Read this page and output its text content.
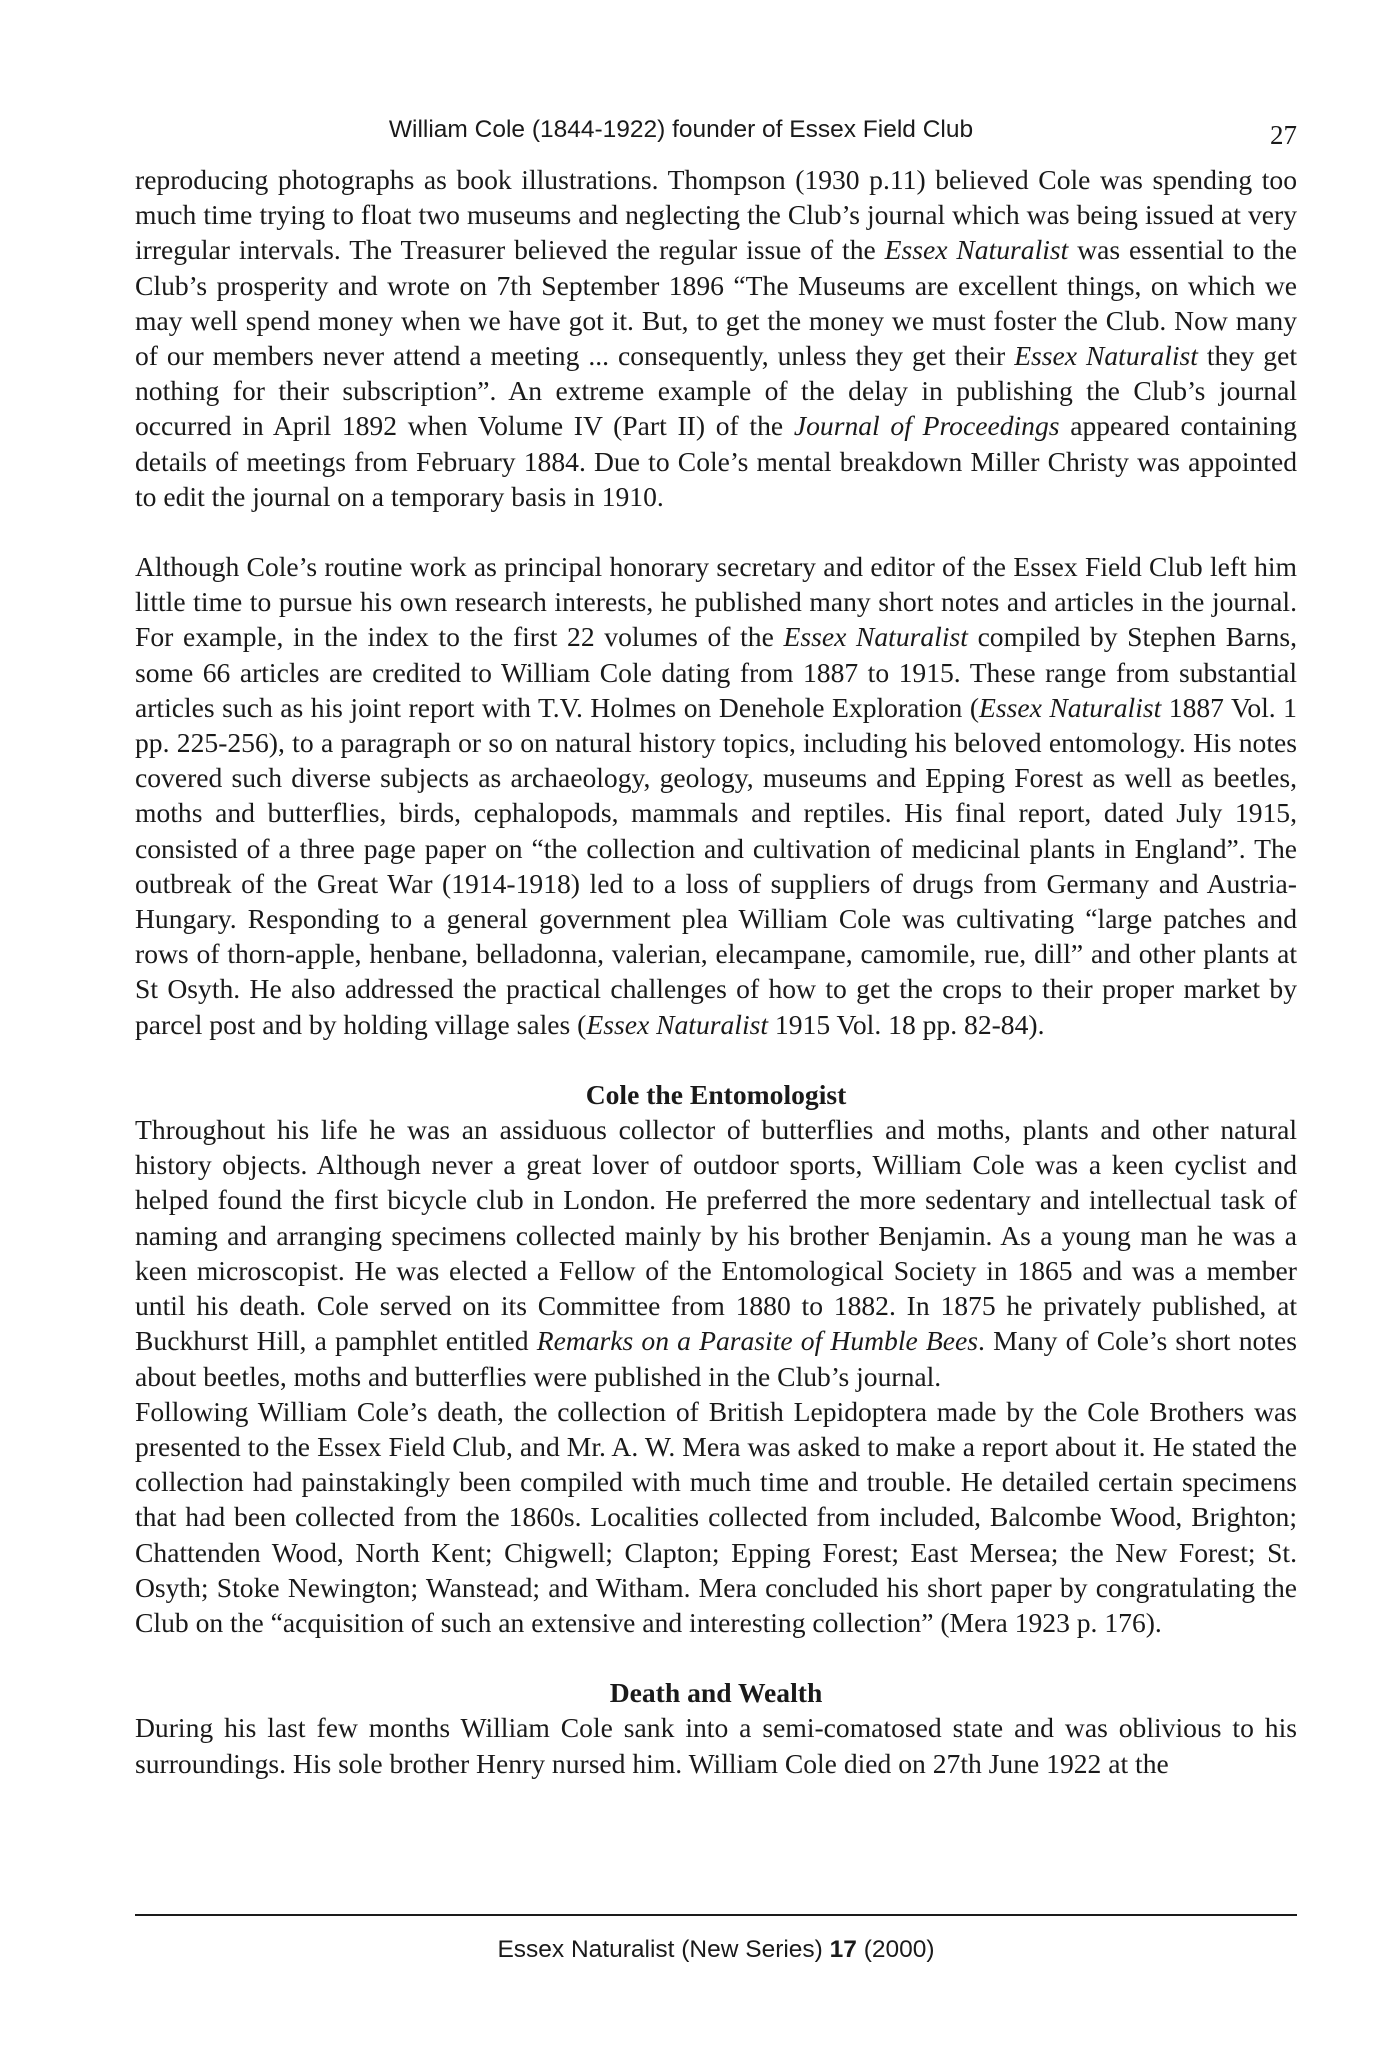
William Cole (1844-1922) founder of Essex Field Club	27

reproducing photographs as book illustrations. Thompson (1930 p.11) believed Cole was spending too much time trying to float two museums and neglecting the Club’s journal which was being issued at very irregular intervals. The Treasurer believed the regular issue of the Essex Naturalist was essential to the Club’s prosperity and wrote on 7th September 1896 “The Museums are excellent things, on which we may well spend money when we have got it. But, to get the money we must foster the Club. Now many of our members never attend a meeting ... consequently, unless they get their Essex Naturalist they get nothing for their subscription”. An extreme example of the delay in publishing the Club’s journal occurred in April 1892 when Volume IV (Part II) of the Journal of Proceedings appeared containing details of meetings from February 1884. Due to Cole’s mental breakdown Miller Christy was appointed to edit the journal on a temporary basis in 1910.

Although Cole’s routine work as principal honorary secretary and editor of the Essex Field Club left him little time to pursue his own research interests, he published many short notes and articles in the journal. For example, in the index to the first 22 volumes of the Essex Naturalist compiled by Stephen Barns, some 66 articles are credited to William Cole dating from 1887 to 1915. These range from substantial articles such as his joint report with T.V. Holmes on Denehole Exploration (Essex Naturalist 1887 Vol. 1 pp. 225-256), to a paragraph or so on natural history topics, including his beloved entomology. His notes covered such diverse subjects as archaeology, geology, museums and Epping Forest as well as beetles, moths and butterflies, birds, cephalopods, mammals and reptiles. His final report, dated July 1915, consisted of a three page paper on “the collection and cultivation of medicinal plants in England”. The outbreak of the Great War (1914-1918) led to a loss of suppliers of drugs from Germany and Austria-Hungary. Responding to a general government plea William Cole was cultivating “large patches and rows of thorn-apple, henbane, belladonna, valerian, elecampane, camomile, rue, dill” and other plants at St Osyth. He also addressed the practical challenges of how to get the crops to their proper market by parcel post and by holding village sales (Essex Naturalist 1915 Vol. 18 pp. 82-84).

Cole the Entomologist

Throughout his life he was an assiduous collector of butterflies and moths, plants and other natural history objects. Although never a great lover of outdoor sports, William Cole was a keen cyclist and helped found the first bicycle club in London. He preferred the more sedentary and intellectual task of naming and arranging specimens collected mainly by his brother Benjamin. As a young man he was a keen microscopist. He was elected a Fellow of the Entomological Society in 1865 and was a member until his death. Cole served on its Committee from 1880 to 1882. In 1875 he privately published, at Buckhurst Hill, a pamphlet entitled Remarks on a Parasite of Humble Bees. Many of Cole’s short notes about beetles, moths and butterflies were published in the Club’s journal.

Following William Cole’s death, the collection of British Lepidoptera made by the Cole Brothers was presented to the Essex Field Club, and Mr. A. W. Mera was asked to make a report about it. He stated the collection had painstakingly been compiled with much time and trouble. He detailed certain specimens that had been collected from the 1860s. Localities collected from included, Balcombe Wood, Brighton; Chattenden Wood, North Kent; Chigwell; Clapton; Epping Forest; East Mersea; the New Forest; St. Osyth; Stoke Newington; Wanstead; and Witham. Mera concluded his short paper by congratulating the Club on the “acquisition of such an extensive and interesting collection” (Mera 1923 p. 176).

Death and Wealth

During his last few months William Cole sank into a semi-comatosed state and was oblivious to his surroundings. His sole brother Henry nursed him. William Cole died on 27th June 1922 at the

Essex Naturalist (New Series) 17 (2000)
